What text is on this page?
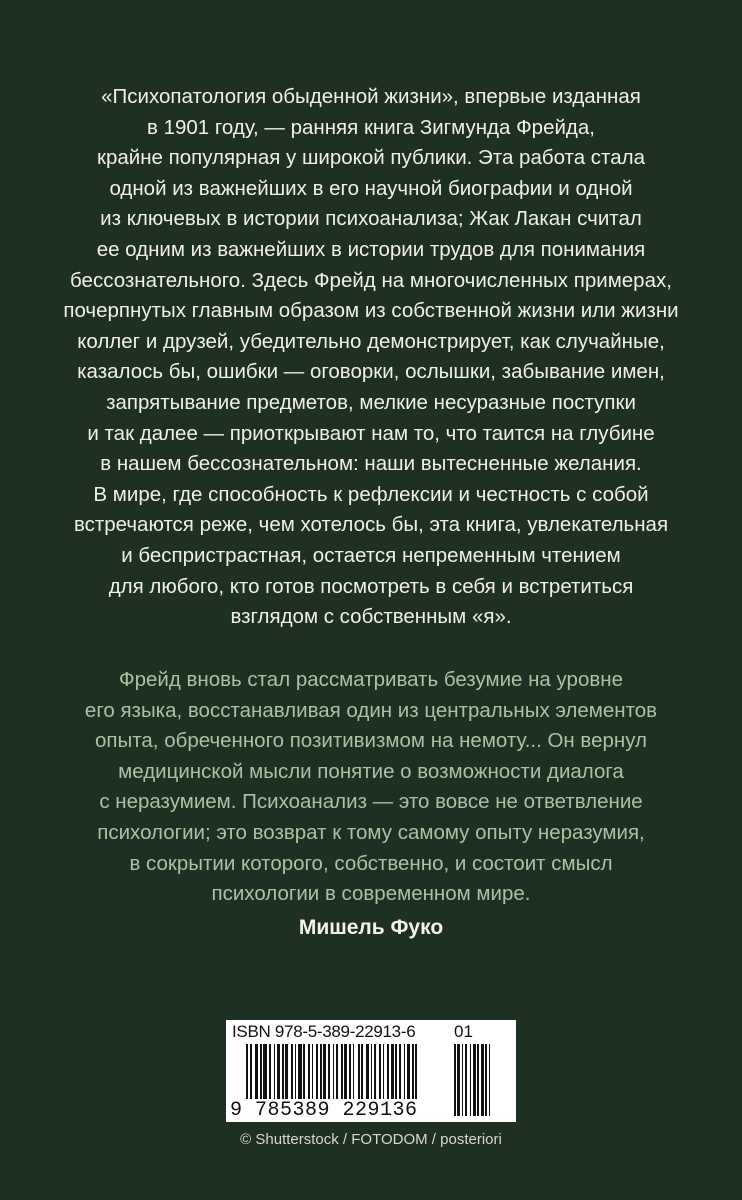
«Психопатология обыденной жизни», впервые изданная
в 1901 году, — ранняя книга Зигмунда Фрейда,
крайне популярная у широкой публики. Эта работа стала
одной из важнейших в его научной биографии и одной
из ключевых в истории психоанализа; Жак Лакан считал
ее одним из важнейших в истории трудов для понимания
бессознательного. Здесь Фрейд на многочисленных примерах,
почерпнутых главным образом из собственной жизни или жизни
коллег и друзей, убедительно демонстрирует, как случайные,
казалось бы, ошибки — оговорки, ослышки, забывание имен,
запрятывание предметов, мелкие несуразные поступки
и так далее — приоткрывают нам то, что таится на глубине
в нашем бессознательном: наши вытесненные желания.
В мире, где способность к рефлексии и честность с собой
встречаются реже, чем хотелось бы, эта книга, увлекательная
и беспристрастная, остается непременным чтением
для любого, кто готов посмотреть в себя и встретиться
взглядом с собственным «я».

Фрейд вновь стал рассматривать безумие на уровне
его языка, восстанавливая один из центральных элементов
опыта, обреченного позитивизмом на немоту... Он вернул
медицинской мысли понятие о возможности диалога
с неразумием. Психоанализ — это вовсе не ответвление
психологии; это возврат к тому самому опыту неразумия,
в сокрытии которого, собственно, и состоит смысл
психологии в современном мире.

Мишель Фуко
ISBN 978-5-389-22913-6 01
9 785389 229136
© Shutterstock / FOTODOM / posteriori
